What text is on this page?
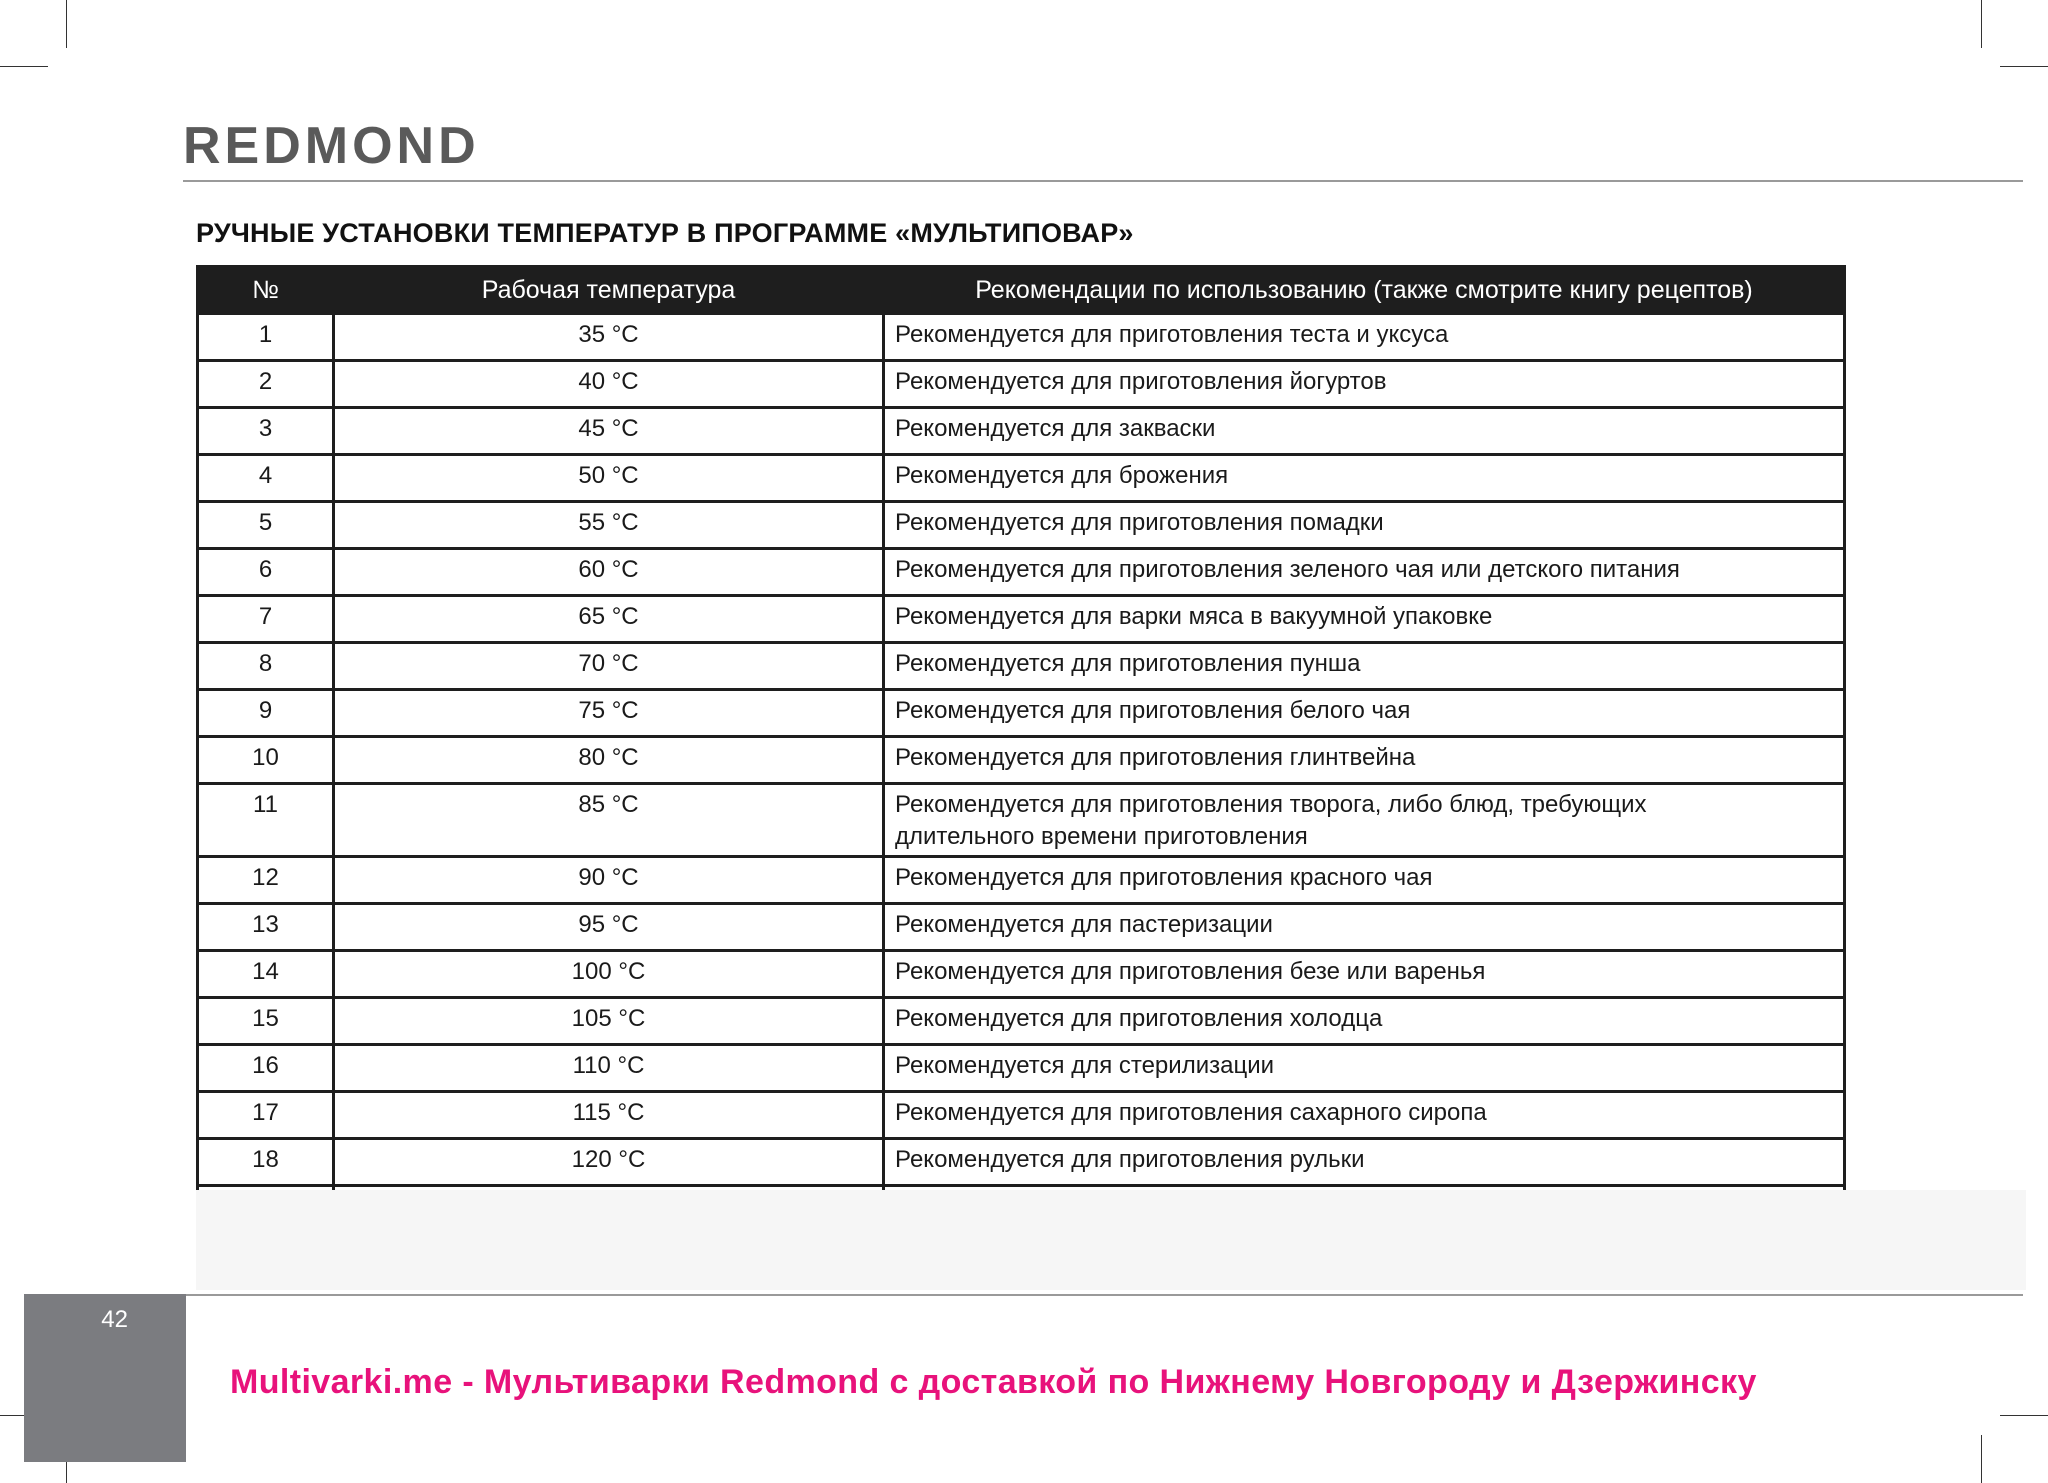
REDMOND
РУЧНЫЕ УСТАНОВКИ ТЕМПЕРАТУР В ПРОГРАММЕ «МУЛЬТИПОВАР»
№	Рабочая температура	Рекомендации по использованию (также смотрите книгу рецептов)
1	35 °С	Рекомендуется для приготовления теста и уксуса
2	40 °С	Рекомендуется для приготовления йогуртов
3	45 °С	Рекомендуется для закваски
4	50 °С	Рекомендуется для брожения
5	55 °С	Рекомендуется для приготовления помадки
6	60 °С	Рекомендуется для приготовления зеленого чая или детского питания
7	65 °С	Рекомендуется для варки мяса в вакуумной упаковке
8	70 °С	Рекомендуется для приготовления пунша
9	75 °С	Рекомендуется для приготовления белого чая
10	80 °С	Рекомендуется для приготовления глинтвейна
11	85 °С	Рекомендуется для приготовления творога, либо блюд, требующих
длительного времени приготовления
12	90 °С	Рекомендуется для приготовления красного чая
13	95 °С	Рекомендуется для пастеризации
14	100 °С	Рекомендуется для приготовления безе или варенья
15	105 °С	Рекомендуется для приготовления холодца
16	110 °С	Рекомендуется для стерилизации
17	115 °С	Рекомендуется для приготовления сахарного сиропа
18	120 °С	Рекомендуется для приготовления рульки

42
Multivarki.me - Мультиварки Redmond с доставкой по Нижнему Новгороду и Дзержинску
